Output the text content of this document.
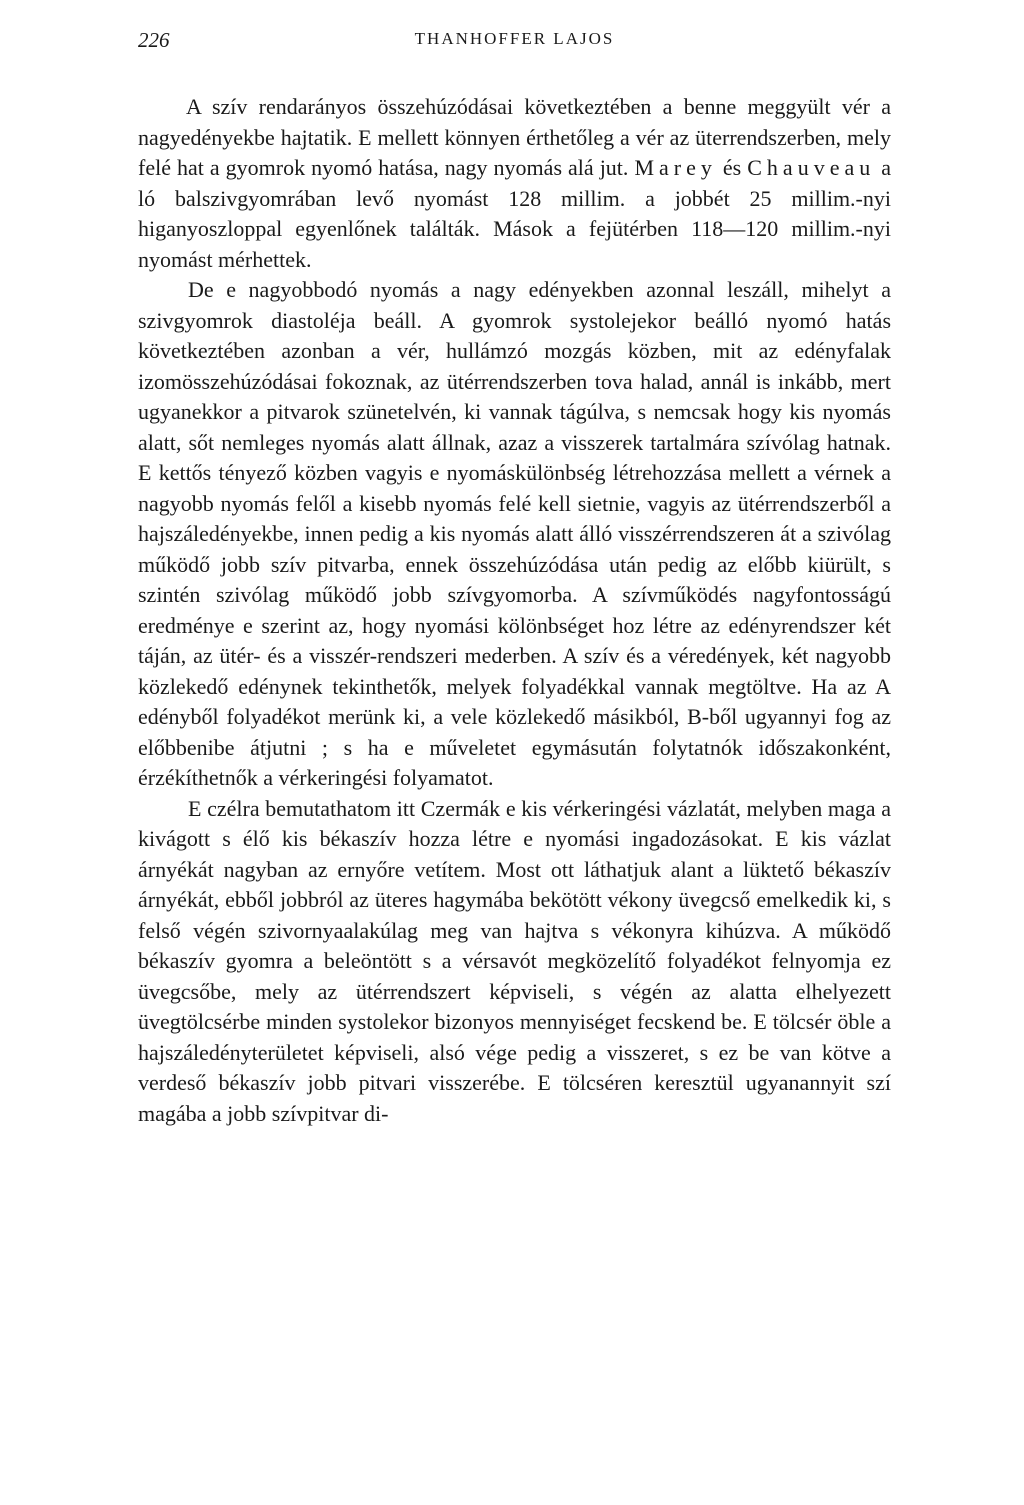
226	THANHOFFER LAJOS

A szív rendarányos összehúzódásai következtében a benne meggyült vér a nagyedényekbe hajtatik. E mellett könnyen érthetőleg a vér az üterrendszerben, mely felé hat a gyomrok nyomó hatása, nagy nyomás alá jut. Marey és Chauveau a ló balszivgyomrában levő nyomást 128 millim. a jobbét 25 millim.-nyi higanyoszloppal egyenlőnek találták. Mások a fejütérben 118—120 millim.-nyi nyomást mérhettek.

De e nagyobbodó nyomás a nagy edényekben azonnal leszáll, mihelyt a szivgyomrok diastoléja beáll. A gyomrok systolejekor beálló nyomó hatás következtében azonban a vér, hullámzó mozgás közben, mit az edényfalak izomösszehúzódásai fokoznak, az ütérrendszerben tova halad, annál is inkább, mert ugyanekkor a pitvarok szünetelvén, ki vannak tágúlva, s nemcsak hogy kis nyomás alatt, sőt nemleges nyomás alatt állnak, azaz a visszerek tartalmára szívólag hatnak. E kettős tényező közben vagyis e nyomáskülönbség létrehozzása mellett a vérnek a nagyobb nyomás felől a kisebb nyomás felé kell sietnie, vagyis az ütérrendszerből a hajszáledényekbe, innen pedig a kis nyomás alatt álló visszérrendszeren át a szivólag működő jobb szív pitvarba, ennek összehúzódása után pedig az előbb kiürült, s szintén szivólag működő jobb szívgyomorba. A szívműködés nagyfontosságú eredménye e szerint az, hogy nyomási kölönbséget hoz létre az edényrendszer két táján, az ütér- és a visszér-rendszeri mederben. A szív és a véredények, két nagyobb közlekedő edénynek tekinthetők, melyek folyadékkal vannak megtöltve. Ha az A edényből folyadékot merünk ki, a vele közlekedő másikból, B-ből ugyannyi fog az előbbenibe átjutni ; s ha e műveletet egymásután folytatnók időszakonként, érzékíthetnők a vérkeringési folyamatot.

E czélra bemutathatom itt Czermák e kis vérkeringési vázlatát, melyben maga a kivágott s élő kis békaszív hozza létre e nyomási ingadozásokat. E kis vázlat árnyékát nagyban az ernyőre vetítem. Most ott láthatjuk alant a lüktető békaszív árnyékát, ebből jobbról az üteres hagymába bekötött vékony üvegcső emelkedik ki, s felső végén szivornyaalakúlag meg van hajtva s vékonyra kihúzva. A működő békaszív gyomra a beleöntött s a vérsavót megközelítő folyadékot felnyomja ez üvegcsőbe, mely az ütérrendszert képviseli, s végén az alatta elhelyezett üvegtölcsérbe minden systolekor bizonyos mennyiséget fecskend be. E tölcsér öble a hajszáledényterületet képviseli, alsó vége pedig a visszeret, s ez be van kötve a verdeső békaszív jobb pitvari visszerébe. E tölcséren keresztül ugyanannyit szí magába a jobb szívpitvar di-
